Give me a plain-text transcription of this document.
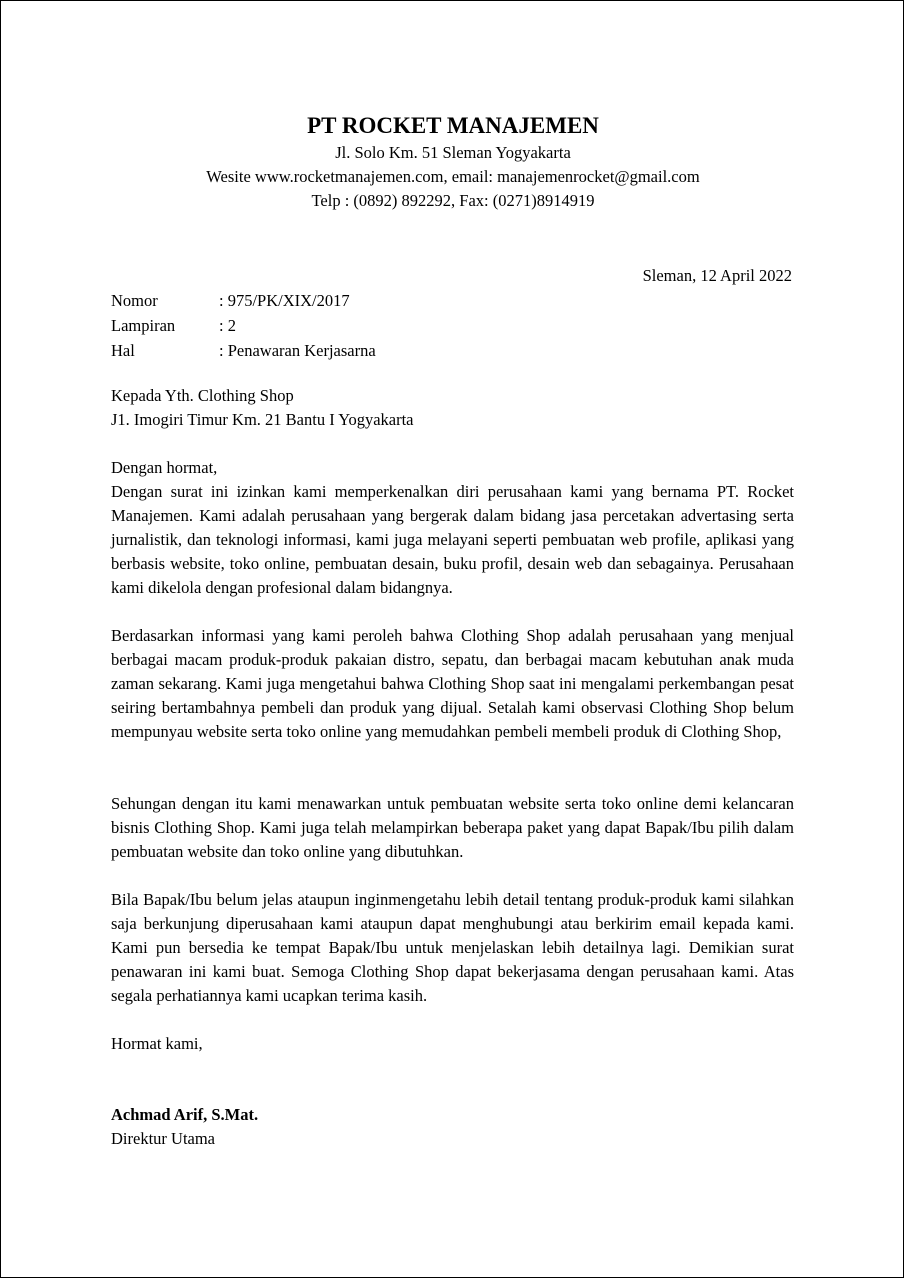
PT ROCKET MANAJEMEN
Jl. Solo Km. 51 Sleman Yogyakarta
Wesite www.rocketmanajemen.com, email: manajemenrocket@gmail.com
Telp : (0892) 892292, Fax: (0271)8914919
Sleman, 12 April 2022
Nomor	: 975/PK/XIX/2017
Lampiran	: 2
Hal	: Penawaran Kerjasarna
Kepada Yth. Clothing Shop
J1. Imogiri Timur Km. 21 Bantu I Yogyakarta
Dengan hormat,
Dengan surat ini izinkan kami memperkenalkan diri perusahaan kami yang bernama PT. Rocket Manajemen. Kami adalah perusahaan yang bergerak dalam bidang jasa percetakan advertasing serta jurnalistik, dan teknologi informasi, kami juga melayani seperti pembuatan web profile, aplikasi yang berbasis website, toko online, pembuatan desain, buku profil, desain web dan sebagainya. Perusahaan kami dikelola dengan profesional dalam bidangnya.
Berdasarkan informasi yang kami peroleh bahwa Clothing Shop adalah perusahaan yang menjual berbagai macam produk-produk pakaian distro, sepatu, dan berbagai macam kebutuhan anak muda zaman sekarang. Kami juga mengetahui bahwa Clothing Shop saat ini mengalami perkembangan pesat seiring bertambahnya pembeli dan produk yang dijual. Setalah kami observasi Clothing Shop belum mempunyau website serta toko online yang memudahkan pembeli membeli produk di Clothing Shop,
Sehungan dengan itu kami menawarkan untuk pembuatan website serta toko online demi kelancaran bisnis Clothing Shop. Kami juga telah melampirkan beberapa paket yang dapat Bapak/Ibu pilih dalam pembuatan website dan toko online yang dibutuhkan.
Bila Bapak/Ibu belum jelas ataupun inginmengetahu lebih detail tentang produk-produk kami silahkan saja berkunjung diperusahaan kami ataupun dapat menghubungi atau berkirim email kepada kami. Kami pun bersedia ke tempat Bapak/Ibu untuk menjelaskan lebih detailnya lagi. Demikian surat penawaran ini kami buat. Semoga Clothing Shop dapat bekerjasama dengan perusahaan kami. Atas segala perhatiannya kami ucapkan terima kasih.
Hormat kami,
Achmad Arif, S.Mat.
Direktur Utama
